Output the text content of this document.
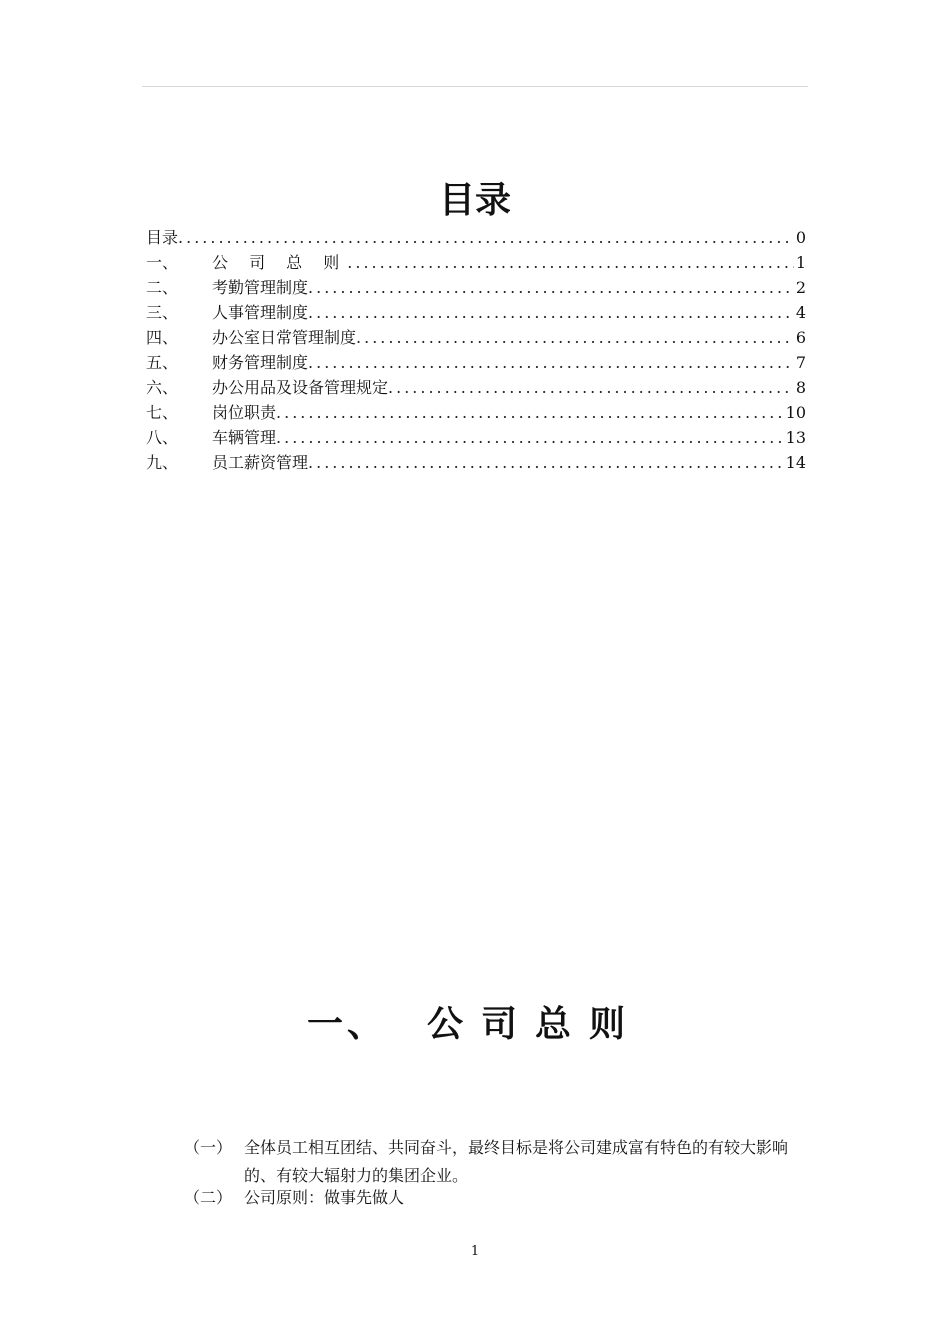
目录
目录 .....	0
一、	公 司 总 则 .....	1
二、	考勤管理制度 .....	2
三、	人事管理制度 .....	4
四、	办公室日常管理制度 .....	6
五、	财务管理制度 .....	7
六、	办公用品及设备管理规定 .....	8
七、	岗位职责 .....	10
八、	车辆管理 .....	13
九、	员工薪资管理 .....	14
一、 公司总则
（一） 全体员工相互团结、共同奋斗，最终目标是将公司建成富有特色的有较大影响的、有较大辐射力的集团企业。
（二） 公司原则：做事先做人
1
